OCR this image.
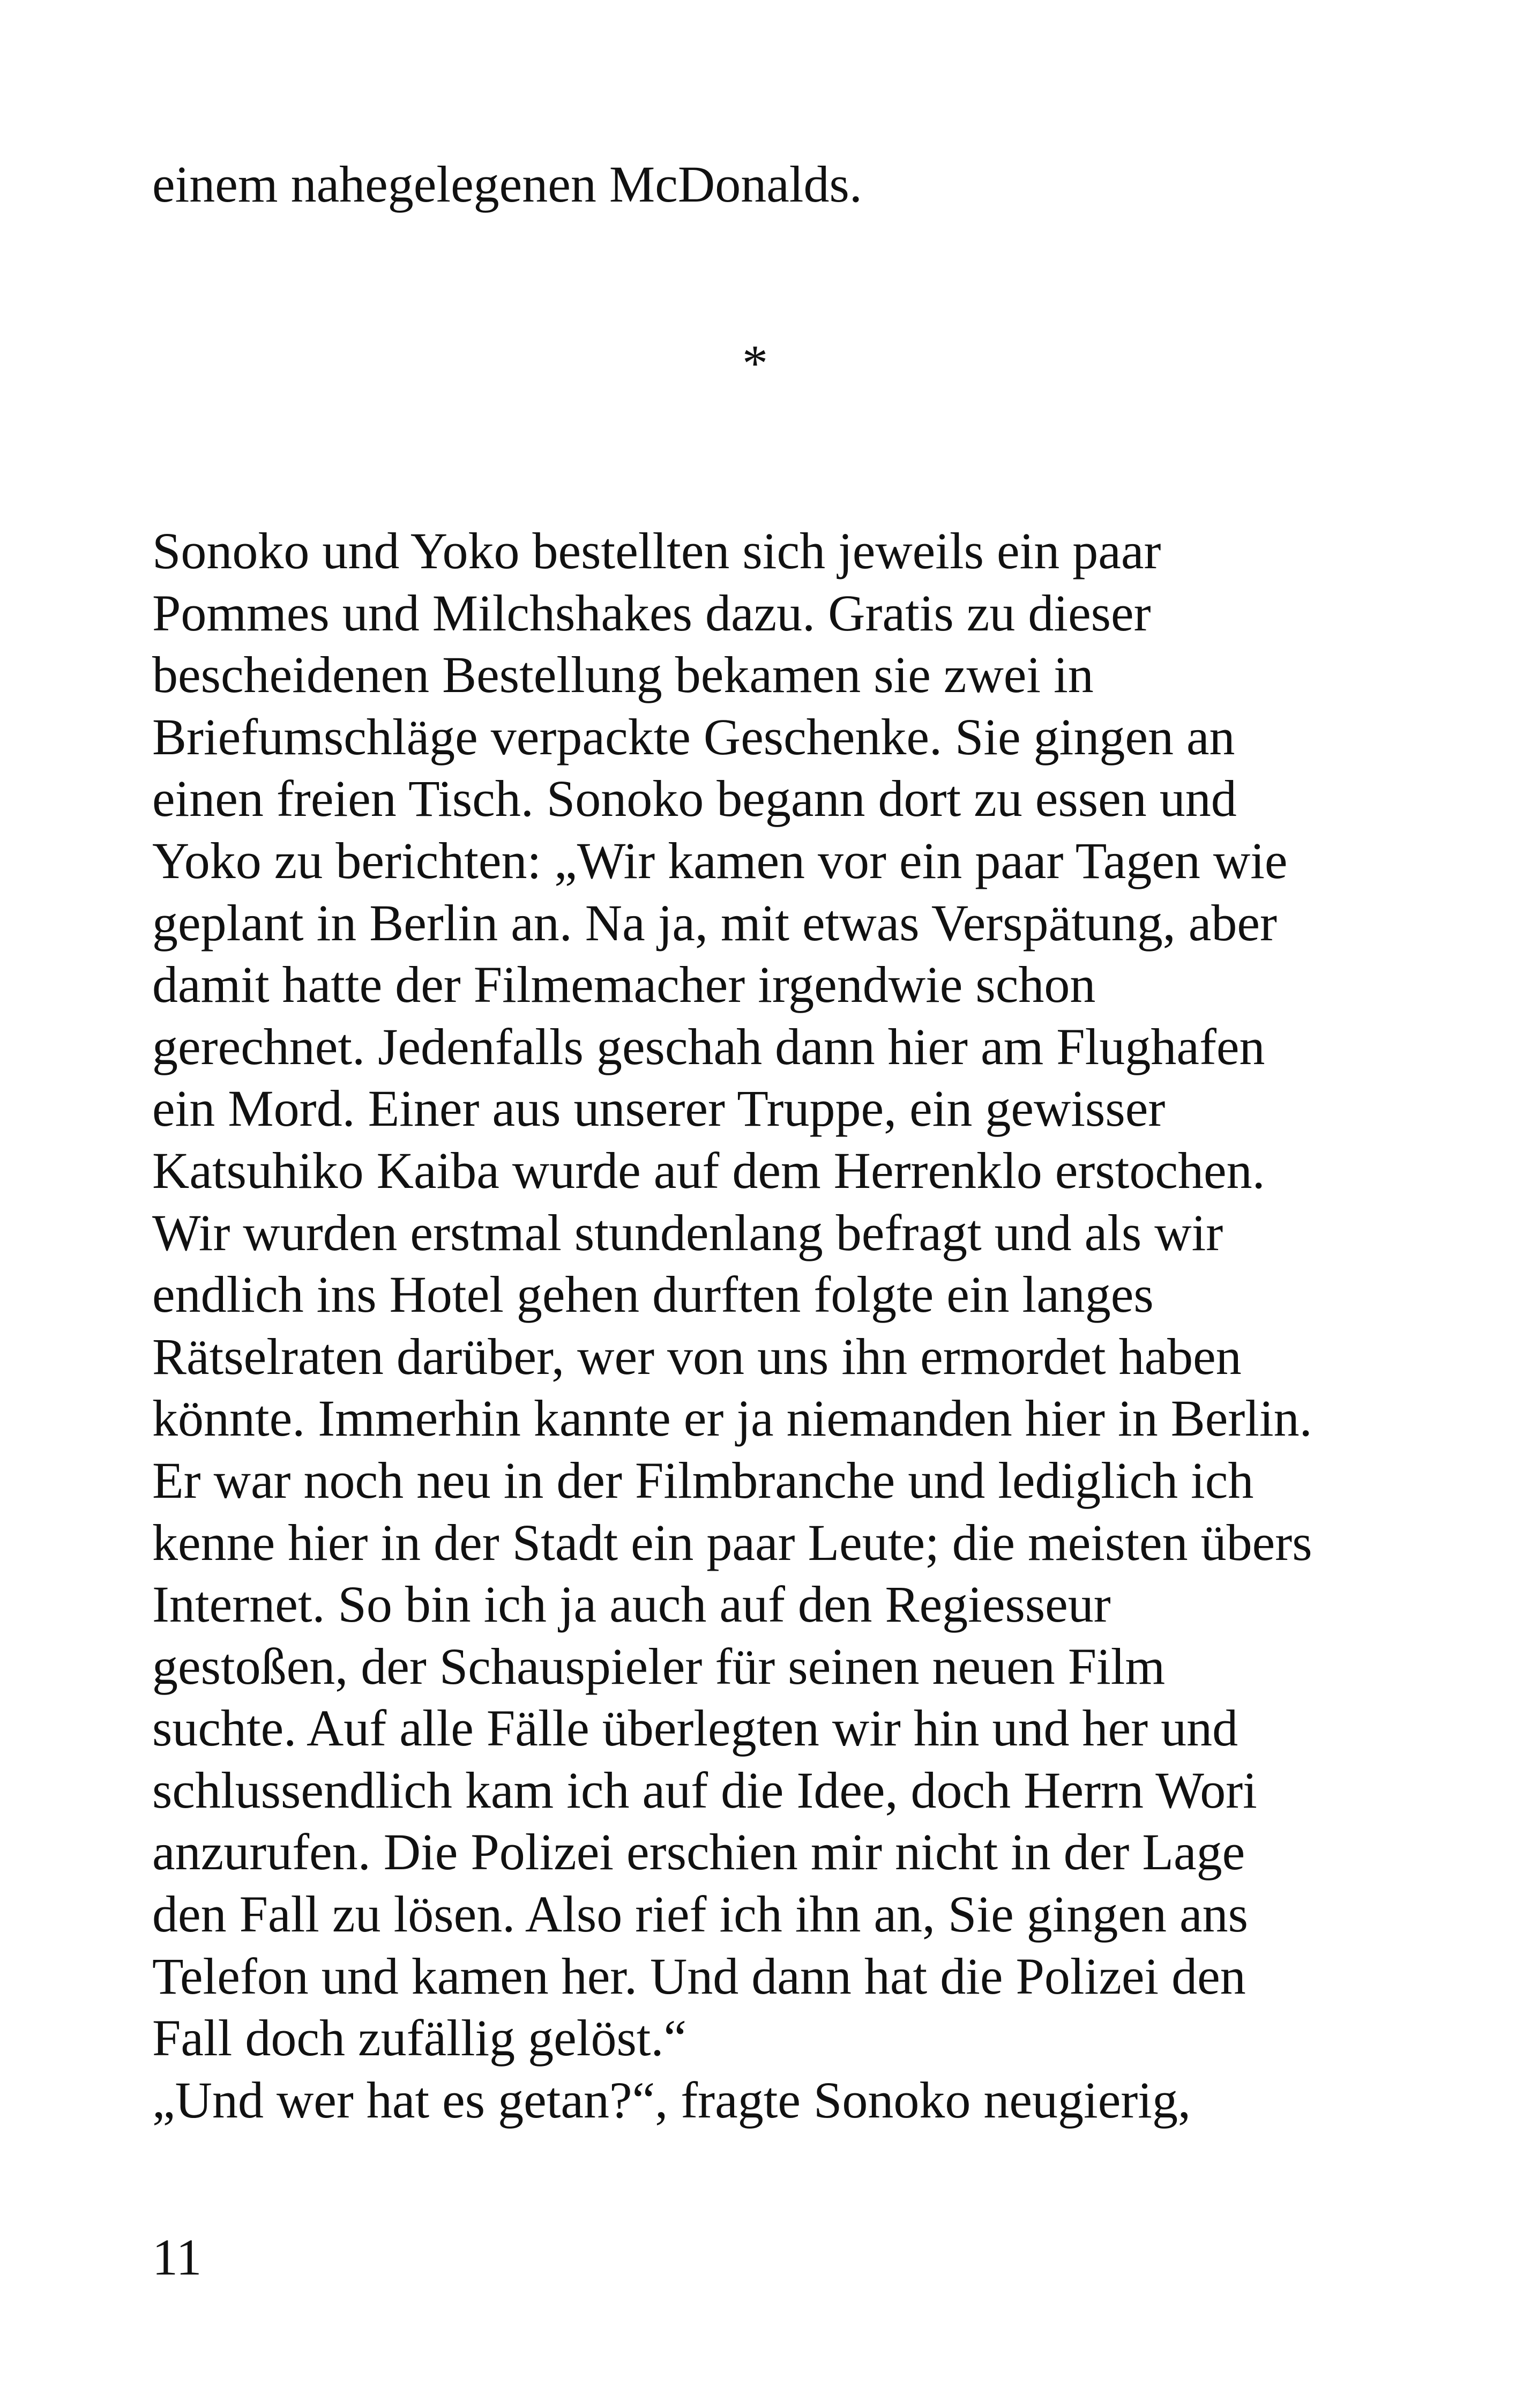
einem nahegelegenen McDonalds.

*

Sonoko und Yoko bestellten sich jeweils ein paar
Pommes und Milchshakes dazu. Gratis zu dieser
bescheidenen Bestellung bekamen sie zwei in
Briefumschläge verpackte Geschenke. Sie gingen an
einen freien Tisch. Sonoko begann dort zu essen und
Yoko zu berichten: „Wir kamen vor ein paar Tagen wie
geplant in Berlin an. Na ja, mit etwas Verspätung, aber
damit hatte der Filmemacher irgendwie schon
gerechnet. Jedenfalls geschah dann hier am Flughafen
ein Mord. Einer aus unserer Truppe, ein gewisser
Katsuhiko Kaiba wurde auf dem Herrenklo erstochen.
Wir wurden erstmal stundenlang befragt und als wir
endlich ins Hotel gehen durften folgte ein langes
Rätselraten darüber, wer von uns ihn ermordet haben
könnte. Immerhin kannte er ja niemanden hier in Berlin.
Er war noch neu in der Filmbranche und lediglich ich
kenne hier in der Stadt ein paar Leute; die meisten übers
Internet. So bin ich ja auch auf den Regiesseur
gestoßen, der Schauspieler für seinen neuen Film
suchte. Auf alle Fälle überlegten wir hin und her und
schlussendlich kam ich auf die Idee, doch Herrn Wori
anzurufen. Die Polizei erschien mir nicht in der Lage
den Fall zu lösen. Also rief ich ihn an, Sie gingen ans
Telefon und kamen her. Und dann hat die Polizei den
Fall doch zufällig gelöst.“
„Und wer hat es getan?“, fragte Sonoko neugierig,

11
